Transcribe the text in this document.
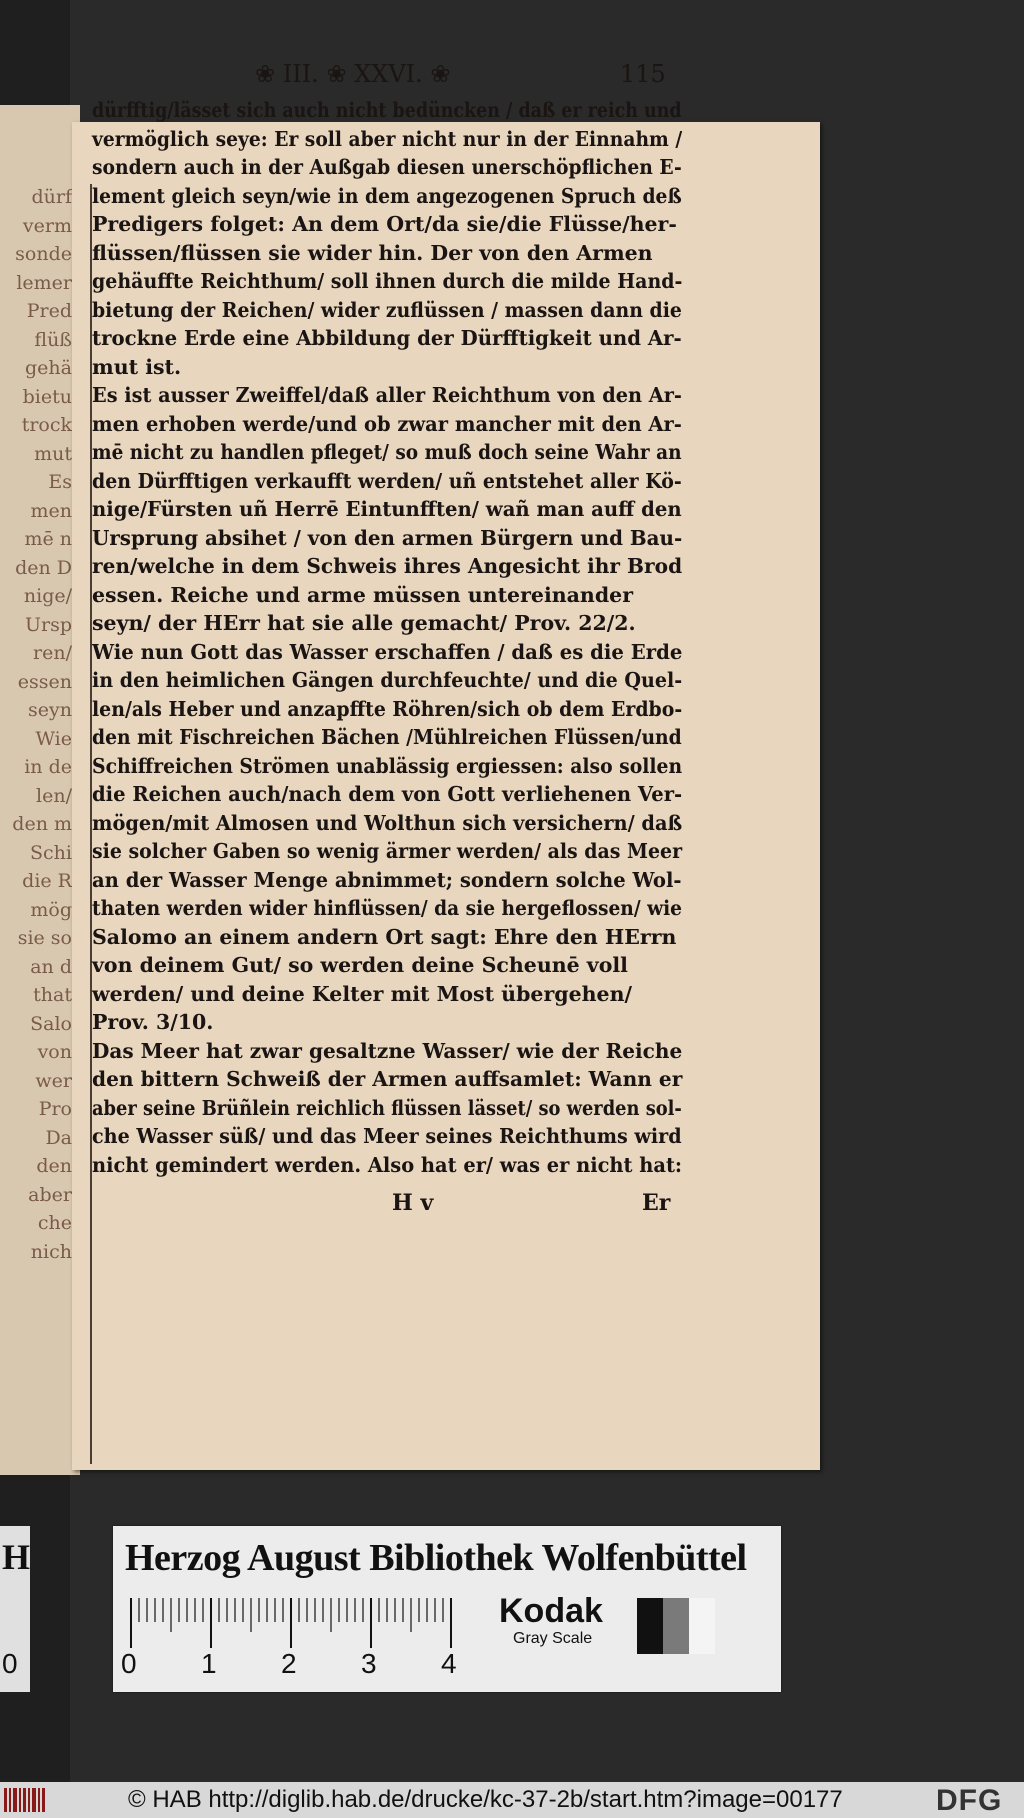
dürf
verm
sonde
lemer
Pred
flüß
gehä
bietu
trock
mut
Es
men
mē n
den D
nige/
Ursp
ren/
essen
seyn
Wie
in de
len/
den m
Schi
die R
mög
sie so
an d
that
Salo
von
wer
Pro
Da
den
aber
che
nich
❀ III. ❀ XXVI. ❀	115
dürfftig/lässet sich auch nicht bedüncken / daß er reich und
vermöglich seye: Er soll aber nicht nur in der Einnahm /
sondern auch in der Außgab diesen unerschöpflichen E-
lement gleich seyn/wie in dem angezogenen Spruch deß
Predigers folget: An dem Ort/da sie/die Flüsse/her-
flüssen/flüssen sie wider hin. Der von den Armen
gehäuffte Reichthum/ soll ihnen durch die milde Hand-
bietung der Reichen/ wider zuflüssen / massen dann die
trockne Erde eine Abbildung der Dürfftigkeit und Ar-
mut ist.
Es ist ausser Zweiffel/daß aller Reichthum von den Ar-
men erhoben werde/und ob zwar mancher mit den Ar-
mē nicht zu handlen pfleget/ so muß doch seine Wahr an
den Dürfftigen verkaufft werden/ uñ entstehet aller Kö-
nige/Fürsten uñ Herrē Eintunfften/ wañ man auff den
Ursprung absihet / von den armen Bürgern und Bau-
ren/welche in dem Schweis ihres Angesicht ihr Brod
essen. Reiche und arme müssen untereinander
seyn/ der HErr hat sie alle gemacht/ Prov. 22/2.
Wie nun Gott das Wasser erschaffen / daß es die Erde
in den heimlichen Gängen durchfeuchte/ und die Quel-
len/als Heber und anzapffte Röhren/sich ob dem Erdbo-
den mit Fischreichen Bächen /Mühlreichen Flüssen/und
Schiffreichen Strömen unablässig ergiessen: also sollen
die Reichen auch/nach dem von Gott verliehenen Ver-
mögen/mit Almosen und Wolthun sich versichern/ daß
sie solcher Gaben so wenig ärmer werden/ als das Meer
an der Wasser Menge abnimmet; sondern solche Wol-
thaten werden wider hinflüssen/ da sie hergeflossen/ wie
Salomo an einem andern Ort sagt: Ehre den HErrn
von deinem Gut/ so werden deine Scheunē voll
werden/ und deine Kelter mit Most übergehen/
Prov. 3/10.
Das Meer hat zwar gesaltzne Wasser/ wie der Reiche
den bittern Schweiß der Armen auffsamlet: Wann er
aber seine Brüñlein reichlich flüssen lässet/ so werden sol-
che Wasser süß/ und das Meer seines Reichthums wird
nicht gemindert werden. Also hat er/ was er nicht hat:
H v	Er
H
0
Herzog August Bibliothek Wolfenbüttel
0 1 2 3 4
Kodak
Gray Scale
© HAB http://diglib.hab.de/drucke/kc-37-2b/start.htm?image=00177	DFG
